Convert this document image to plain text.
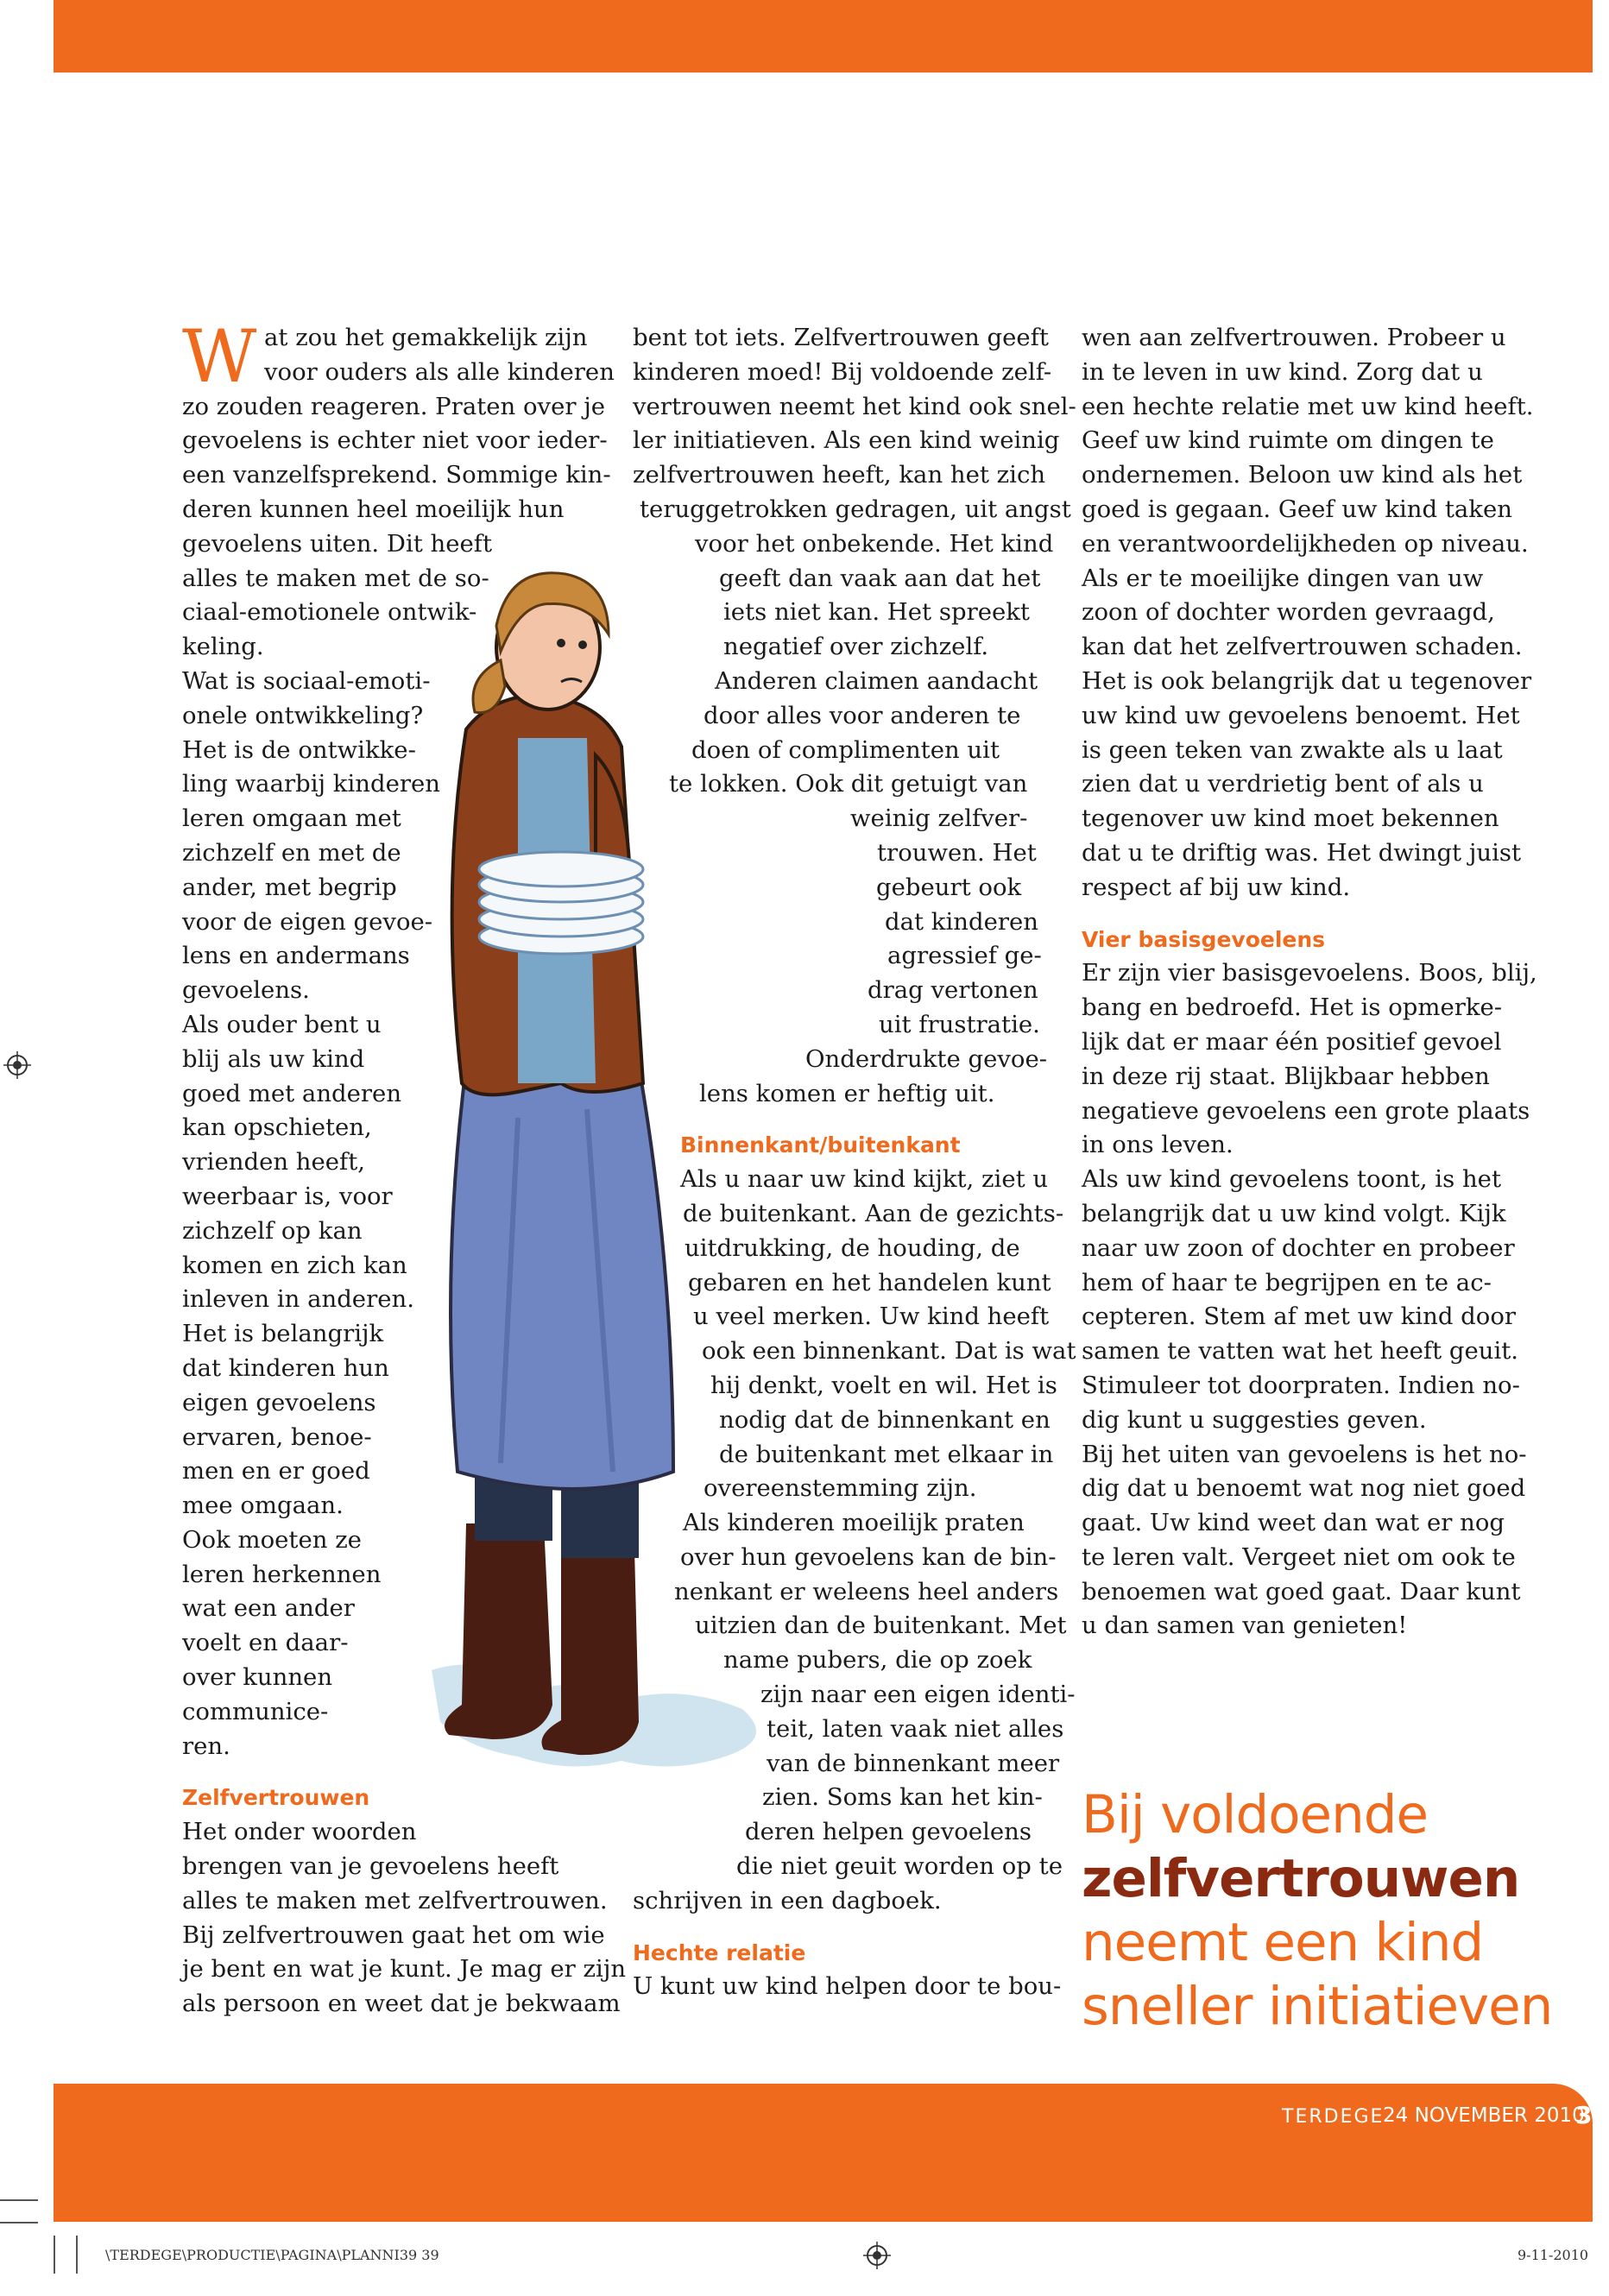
W at zou het gemakkelijk zijn

voor ouders als alle kinderen

zo zouden reageren. Praten over je

gevoelens is echter niet voor ieder-

een vanzelfsprekend. Sommige kin-

deren kunnen heel moeilijk hun

gevoelens uiten. Dit heeft

alles te maken met de so-

ciaal-emotionele ontwik-

keling.

Wat is sociaal-emoti-

onele ontwikkeling?

Het is de ontwikke-

ling waarbij kinderen

leren omgaan met

zichzelf en met de

ander, met begrip

voor de eigen gevoe-

lens en andermans

gevoelens.

Als ouder bent u

blij als uw kind

goed met anderen

kan opschieten,

vrienden heeft,

weerbaar is, voor

zichzelf op kan

komen en zich kan

inleven in anderen.

Het is belangrijk

dat kinderen hun

eigen gevoelens

ervaren, benoe-

men en er goed

mee omgaan.

Ook moeten ze

leren herkennen

wat een ander

voelt en daar-

over kunnen

communice-

ren.

Zelfvertrouwen

Het onder woorden

brengen van je gevoelens heeft

alles te maken met zelfvertrouwen.

Bij zelfvertrouwen gaat het om wie

je bent en wat je kunt. Je mag er zijn

als persoon en weet dat je bekwaam

bent tot iets. Zelfvertrouwen geeft

kinderen moed! Bij voldoende zelf-

vertrouwen neemt het kind ook snel-

ler initiatieven. Als een kind weinig

zelfvertrouwen heeft, kan het zich

teruggetrokken gedragen, uit angst

voor het onbekende. Het kind

geeft dan vaak aan dat het

iets niet kan. Het spreekt

negatief over zichzelf.

Anderen claimen aandacht

door alles voor anderen te

doen of complimenten uit

te lokken. Ook dit getuigt van

weinig zelfver-

trouwen. Het

gebeurt ook

dat kinderen

agressief ge-

drag vertonen

uit frustratie.

Onderdrukte gevoe-

lens komen er heftig uit.

Binnenkant/buitenkant

Als u naar uw kind kijkt, ziet u

de buitenkant. Aan de gezichts-

uitdrukking, de houding, de

gebaren en het handelen kunt

u veel merken. Uw kind heeft

ook een binnenkant. Dat is wat

hij denkt, voelt en wil. Het is

nodig dat de binnenkant en

de buitenkant met elkaar in

overeenstemming zijn.

Als kinderen moeilijk praten

over hun gevoelens kan de bin-

nenkant er weleens heel anders

uitzien dan de buitenkant. Met

name pubers, die op zoek

zijn naar een eigen identi-

teit, laten vaak niet alles

van de binnenkant meer

zien. Soms kan het kin-

deren helpen gevoelens

die niet geuit worden op te

schrijven in een dagboek.

Hechte relatie

U kunt uw kind helpen door te bou-

wen aan zelfvertrouwen. Probeer u

in te leven in uw kind. Zorg dat u

een hechte relatie met uw kind heeft.

Geef uw kind ruimte om dingen te

ondernemen. Beloon uw kind als het

goed is gegaan. Geef uw kind taken

en verantwoordelijkheden op niveau.

Als er te moeilijke dingen van uw

zoon of dochter worden gevraagd,

kan dat het zelfvertrouwen schaden.

Het is ook belangrijk dat u tegenover

uw kind uw gevoelens benoemt. Het

is geen teken van zwakte als u laat

zien dat u verdrietig bent of als u

tegenover uw kind moet bekennen

dat u te driftig was. Het dwingt juist

respect af bij uw kind.

Vier basisgevoelens

Er zijn vier basisgevoelens. Boos, blij,

bang en bedroefd. Het is opmerke-

lijk dat er maar één positief gevoel

in deze rij staat. Blijkbaar hebben

negatieve gevoelens een grote plaats

in ons leven.

Als uw kind gevoelens toont, is het

belangrijk dat u uw kind volgt. Kijk

naar uw zoon of dochter en probeer

hem of haar te begrijpen en te ac-

cepteren. Stem af met uw kind door

samen te vatten wat het heeft geuit.

Stimuleer tot doorpraten. Indien no-

dig kunt u suggesties geven.

Bij het uiten van gevoelens is het no-

dig dat u benoemt wat nog niet goed

gaat. Uw kind weet dan wat er nog

te leren valt. Vergeet niet om ook te

benoemen wat goed gaat. Daar kunt

u dan samen van genieten!

Bij voldoende
zelfvertrouwen
neemt een kind
sneller initiatieven
TERDEGE
24 NOVEMBER 2010
39
\TERDEGE\PRODUCTIE\PAGINA\PLANNI39 39	9-11-2010
